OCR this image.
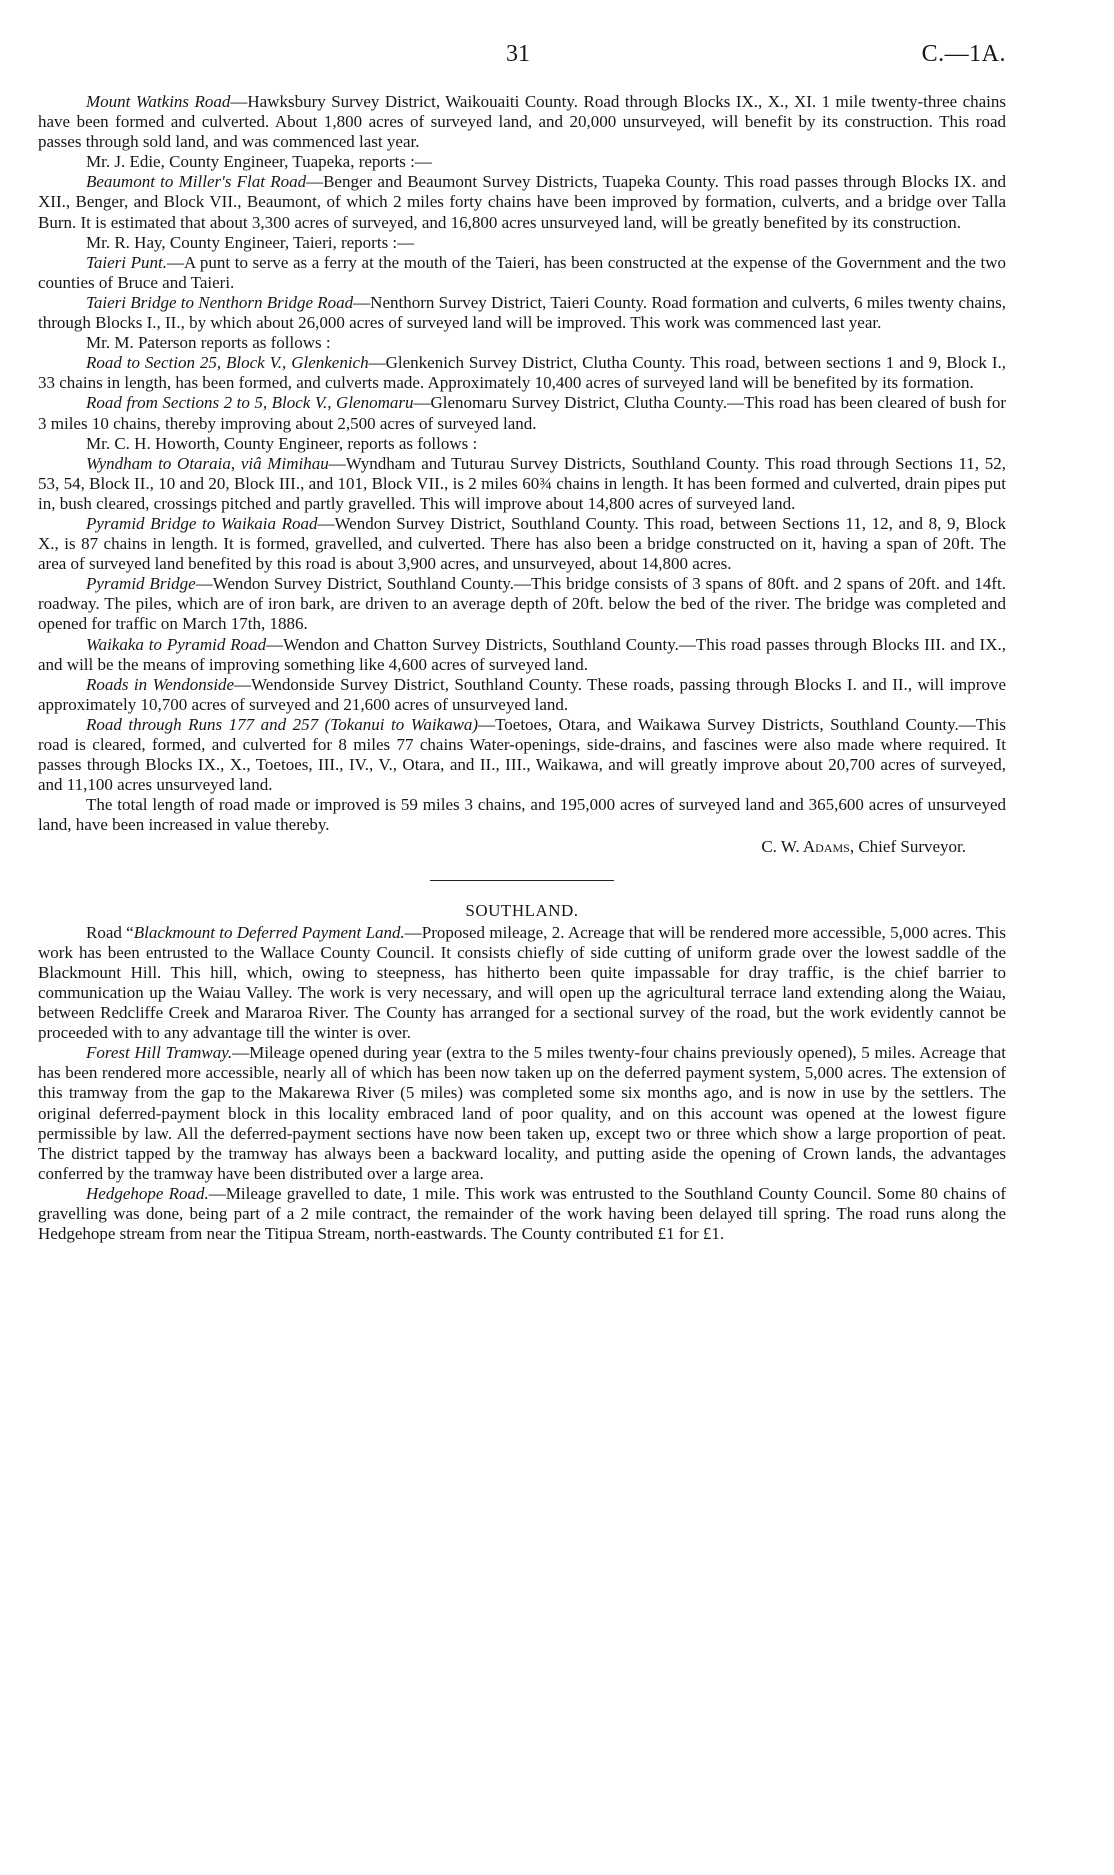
31	C.—1A.

Mount Watkins Road—Hawksbury Survey District, Waikouaiti County. Road through Blocks IX., X., XI. 1 mile twenty-three chains have been formed and culverted. About 1,800 acres of surveyed land, and 20,000 unsurveyed, will benefit by its construction. This road passes through sold land, and was commenced last year.

Mr. J. Edie, County Engineer, Tuapeka, reports :—

Beaumont to Miller's Flat Road—Benger and Beaumont Survey Districts, Tuapeka County. This road passes through Blocks IX. and XII., Benger, and Block VII., Beaumont, of which 2 miles forty chains have been improved by formation, culverts, and a bridge over Talla Burn. It is estimated that about 3,300 acres of surveyed, and 16,800 acres unsurveyed land, will be greatly benefited by its construction.

Mr. R. Hay, County Engineer, Taieri, reports :—

Taieri Punt.—A punt to serve as a ferry at the mouth of the Taieri, has been constructed at the expense of the Government and the two counties of Bruce and Taieri.

Taieri Bridge to Nenthorn Bridge Road—Nenthorn Survey District, Taieri County. Road formation and culverts, 6 miles twenty chains, through Blocks I., II., by which about 26,000 acres of surveyed land will be improved. This work was commenced last year.

Mr. M. Paterson reports as follows :

Road to Section 25, Block V., Glenkenich—Glenkenich Survey District, Clutha County. This road, between sections 1 and 9, Block I., 33 chains in length, has been formed, and culverts made. Approximately 10,400 acres of surveyed land will be benefited by its formation.

Road from Sections 2 to 5, Block V., Glenomaru—Glenomaru Survey District, Clutha County.—This road has been cleared of bush for 3 miles 10 chains, thereby improving about 2,500 acres of surveyed land.

Mr. C. H. Howorth, County Engineer, reports as follows :

Wyndham to Otaraia, viâ Mimihau—Wyndham and Tuturau Survey Districts, Southland County. This road through Sections 11, 52, 53, 54, Block II., 10 and 20, Block III., and 101, Block VII., is 2 miles 60¾ chains in length. It has been formed and culverted, drain pipes put in, bush cleared, crossings pitched and partly gravelled. This will improve about 14,800 acres of surveyed land.

Pyramid Bridge to Waikaia Road—Wendon Survey District, Southland County. This road, between Sections 11, 12, and 8, 9, Block X., is 87 chains in length. It is formed, gravelled, and culverted. There has also been a bridge constructed on it, having a span of 20ft. The area of surveyed land benefited by this road is about 3,900 acres, and unsurveyed, about 14,800 acres.

Pyramid Bridge—Wendon Survey District, Southland County.—This bridge consists of 3 spans of 80ft. and 2 spans of 20ft. and 14ft. roadway. The piles, which are of iron bark, are driven to an average depth of 20ft. below the bed of the river. The bridge was completed and opened for traffic on March 17th, 1886.

Waikaka to Pyramid Road—Wendon and Chatton Survey Districts, Southland County.—This road passes through Blocks III. and IX., and will be the means of improving something like 4,600 acres of surveyed land.

Roads in Wendonside—Wendonside Survey District, Southland County. These roads, passing through Blocks I. and II., will improve approximately 10,700 acres of surveyed and 21,600 acres of unsurveyed land.

Road through Runs 177 and 257 (Tokanui to Waikawa)—Toetoes, Otara, and Waikawa Survey Districts, Southland County.—This road is cleared, formed, and culverted for 8 miles 77 chains Water-openings, side-drains, and fascines were also made where required. It passes through Blocks IX., X., Toetoes, III., IV., V., Otara, and II., III., Waikawa, and will greatly improve about 20,700 acres of surveyed, and 11,100 acres unsurveyed land.

The total length of road made or improved is 59 miles 3 chains, and 195,000 acres of surveyed land and 365,600 acres of unsurveyed land, have been increased in value thereby.

C. W. Adams, Chief Surveyor.

SOUTHLAND.

Road “Blackmount to Deferred Payment Land.—Proposed mileage, 2. Acreage that will be rendered more accessible, 5,000 acres. This work has been entrusted to the Wallace County Council. It consists chiefly of side cutting of uniform grade over the lowest saddle of the Blackmount Hill. This hill, which, owing to steepness, has hitherto been quite impassable for dray traffic, is the chief barrier to communication up the Waiau Valley. The work is very necessary, and will open up the agricultural terrace land extending along the Waiau, between Redcliffe Creek and Mararoa River. The County has arranged for a sectional survey of the road, but the work evidently cannot be proceeded with to any advantage till the winter is over.

Forest Hill Tramway.—Mileage opened during year (extra to the 5 miles twenty-four chains previously opened), 5 miles. Acreage that has been rendered more accessible, nearly all of which has been now taken up on the deferred payment system, 5,000 acres. The extension of this tramway from the gap to the Makarewa River (5 miles) was completed some six months ago, and is now in use by the settlers. The original deferred-payment block in this locality embraced land of poor quality, and on this account was opened at the lowest figure permissible by law. All the deferred-payment sections have now been taken up, except two or three which show a large proportion of peat. The district tapped by the tramway has always been a backward locality, and putting aside the opening of Crown lands, the advantages conferred by the tramway have been distributed over a large area.

Hedgehope Road.—Mileage gravelled to date, 1 mile. This work was entrusted to the Southland County Council. Some 80 chains of gravelling was done, being part of a 2 mile contract, the remainder of the work having been delayed till spring. The road runs along the Hedgehope stream from near the Titipua Stream, north-eastwards. The County contributed £1 for £1.
